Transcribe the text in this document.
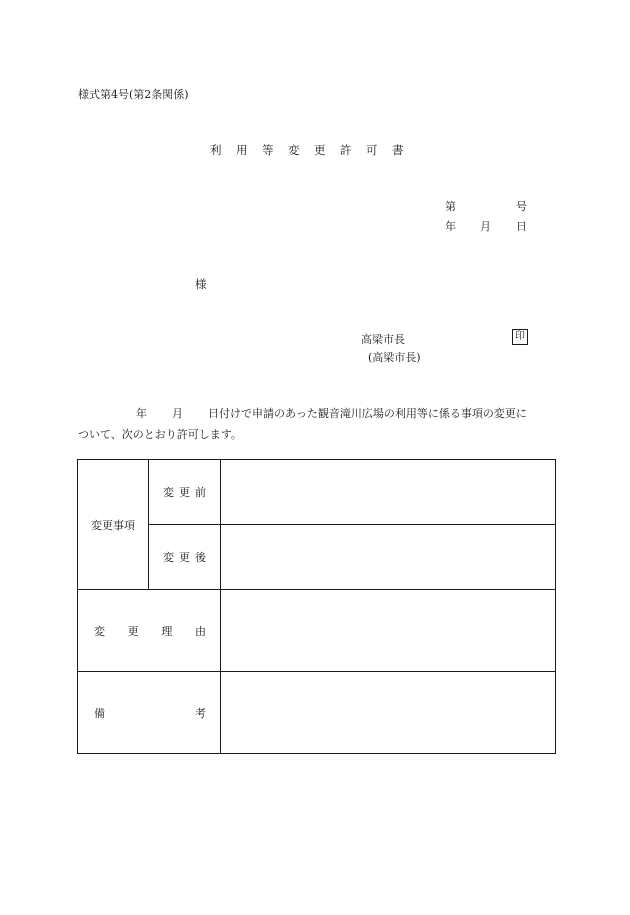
様式第4号(第2条関係)
利 用 等 変 更 許 可 書
第	号
年 月 日
様
高梁市長	印
(高梁市長)
年 月 日付けで申請のあった観音滝川広場の利用等に係る事項の変更に
ついて、次のとおり許可します。
変更事項	変 更 前	

	変 更 後	

変 更 理 由		

備 考		
